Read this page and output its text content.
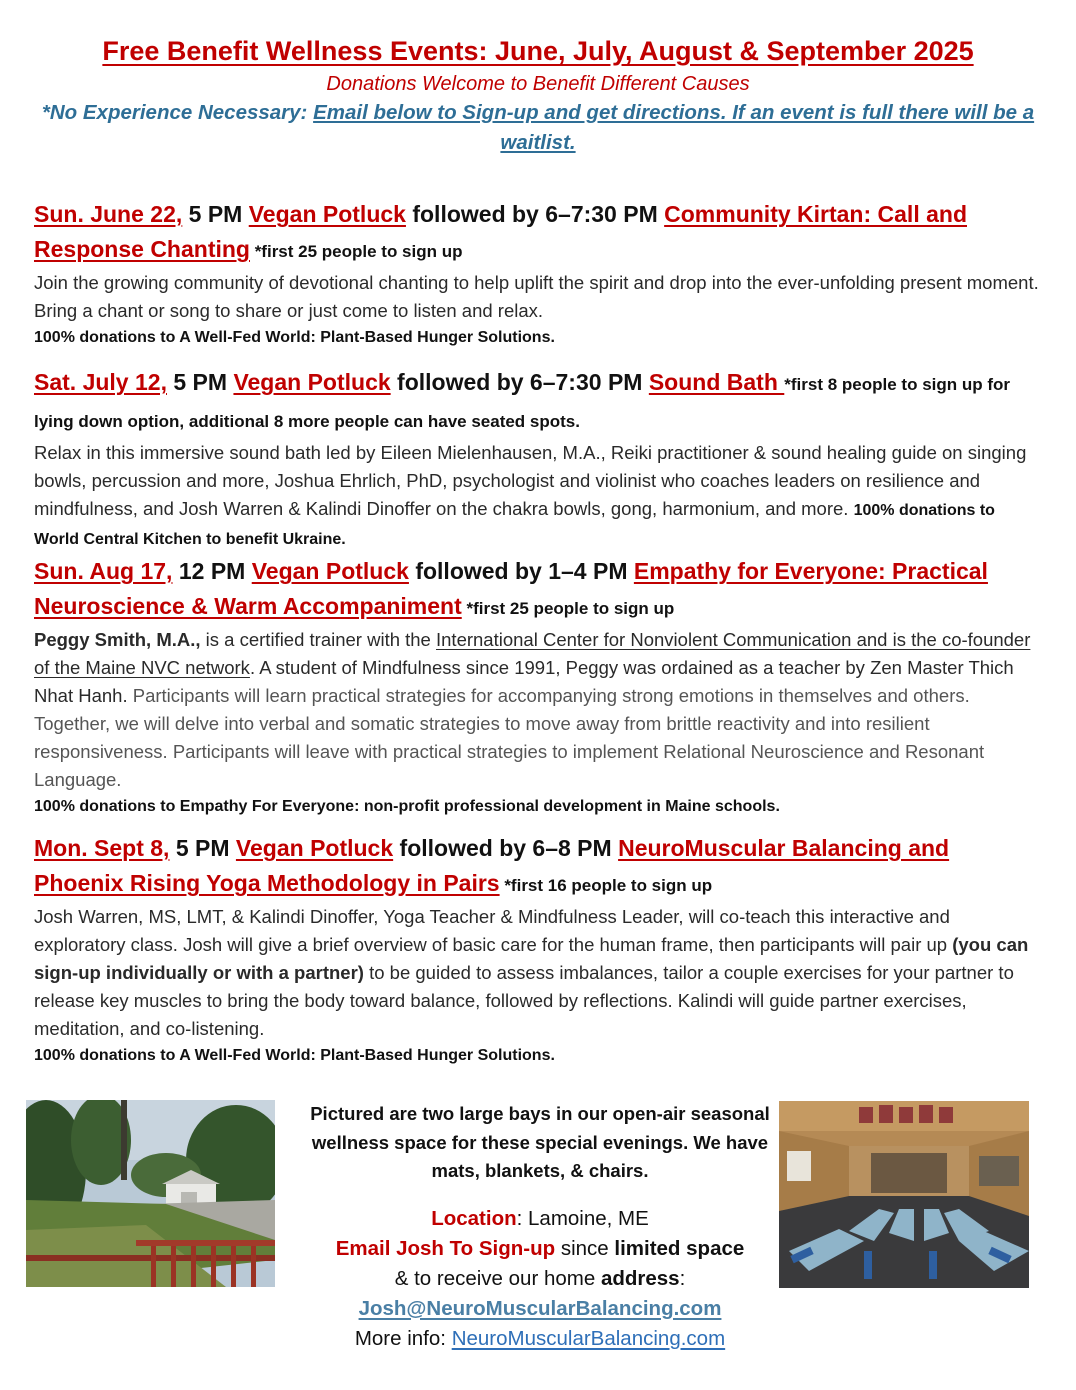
Free Benefit Wellness Events: June, July, August & September 2025
Donations Welcome to Benefit Different Causes
*No Experience Necessary: Email below to Sign-up and get directions. If an event is full there will be a waitlist.
Sun. June 22, 5 PM Vegan Potluck followed by 6–7:30 PM Community Kirtan: Call and Response Chanting *first 25 people to sign up
Join the growing community of devotional chanting to help uplift the spirit and drop into the ever-unfolding present moment. Bring a chant or song to share or just come to listen and relax.
100% donations to A Well-Fed World: Plant-Based Hunger Solutions.
Sat. July 12, 5 PM Vegan Potluck followed by 6–7:30 PM Sound Bath *first 8 people to sign up for lying down option, additional 8 more people can have seated spots.
Relax in this immersive sound bath led by Eileen Mielenhausen, M.A., Reiki practitioner & sound healing guide on singing bowls, percussion and more, Joshua Ehrlich, PhD, psychologist and violinist who coaches leaders on resilience and mindfulness, and Josh Warren & Kalindi Dinoffer on the chakra bowls, gong, harmonium, and more. 100% donations to World Central Kitchen to benefit Ukraine.
Sun. Aug 17, 12 PM Vegan Potluck followed by 1–4 PM Empathy for Everyone: Practical Neuroscience & Warm Accompaniment *first 25 people to sign up
Peggy Smith, M.A., is a certified trainer with the International Center for Nonviolent Communication and is the co-founder of the Maine NVC network. A student of Mindfulness since 1991, Peggy was ordained as a teacher by Zen Master Thich Nhat Hanh. Participants will learn practical strategies for accompanying strong emotions in themselves and others. Together, we will delve into verbal and somatic strategies to move away from brittle reactivity and into resilient responsiveness. Participants will leave with practical strategies to implement Relational Neuroscience and Resonant Language.
100% donations to Empathy For Everyone: non-profit professional development in Maine schools.
Mon. Sept 8, 5 PM Vegan Potluck followed by 6–8 PM NeuroMuscular Balancing and Phoenix Rising Yoga Methodology in Pairs *first 16 people to sign up
Josh Warren, MS, LMT, & Kalindi Dinoffer, Yoga Teacher & Mindfulness Leader, will co-teach this interactive and exploratory class. Josh will give a brief overview of basic care for the human frame, then participants will pair up (you can sign-up individually or with a partner) to be guided to assess imbalances, tailor a couple exercises for your partner to release key muscles to bring the body toward balance, followed by reflections. Kalindi will guide partner exercises, meditation, and co-listening.
100% donations to A Well-Fed World: Plant-Based Hunger Solutions.
Pictured are two large bays in our open-air seasonal wellness space for these special evenings. We have mats, blankets, & chairs.
Location: Lamoine, ME
Email Josh To Sign-up since limited space
& to receive our home address:
Josh@NeuroMuscularBalancing.com
More info: NeuroMuscularBalancing.com
